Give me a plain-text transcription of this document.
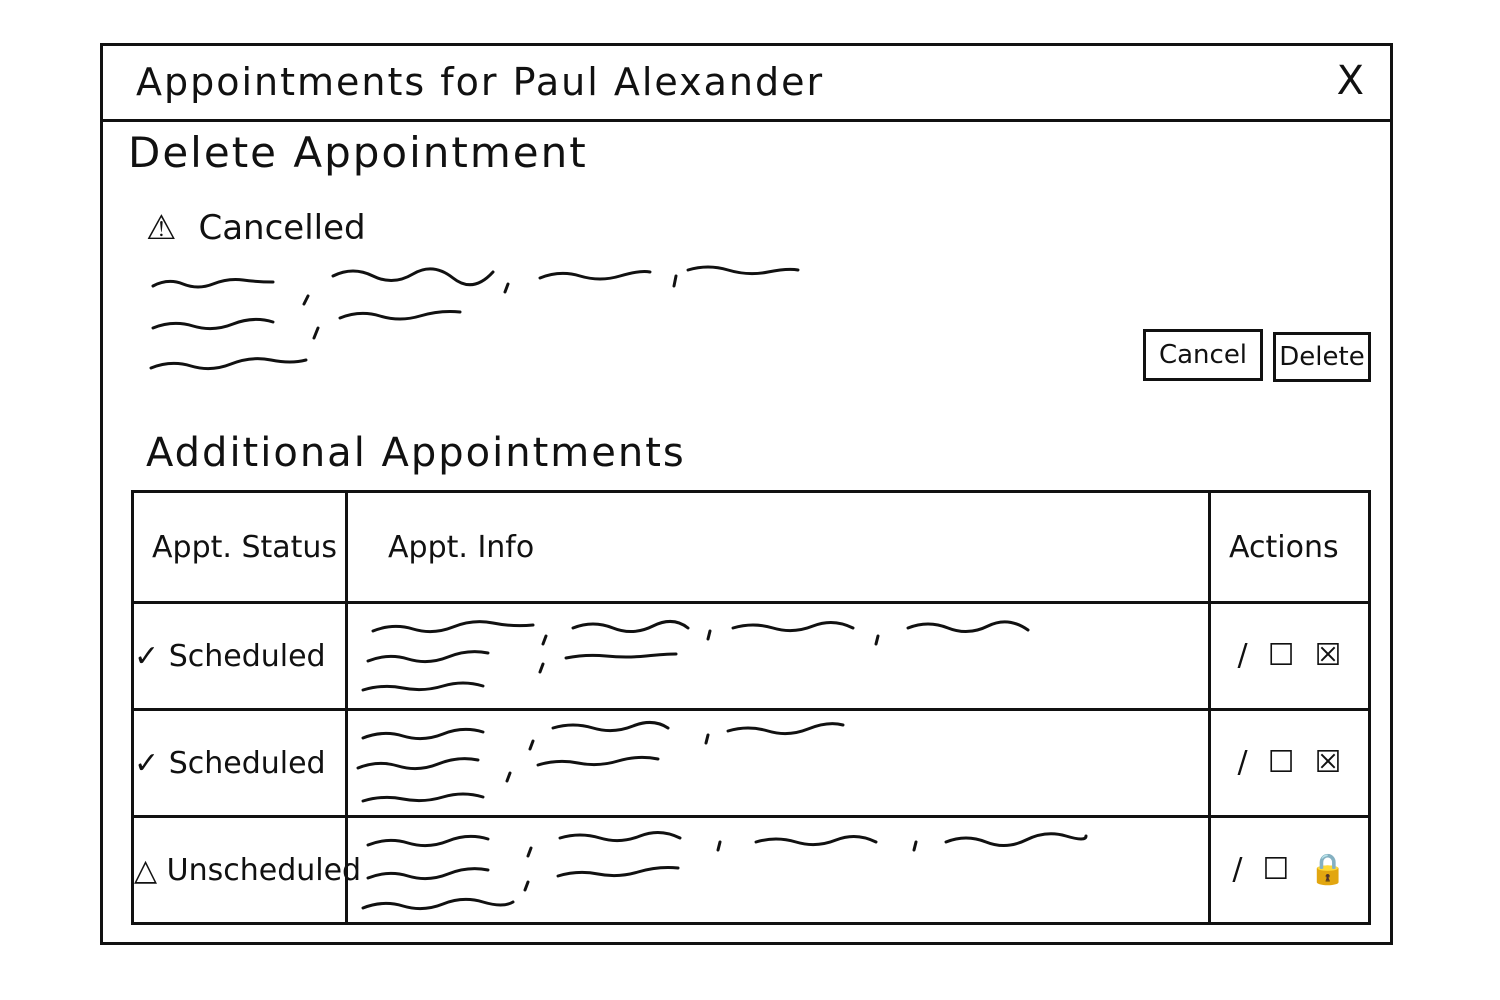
Appointments for Paul Alexander	X
Delete Appointment
⚠ Cancelled
Cancel	Delete
Additional Appointments
Appt. Status	Appt. Info	Actions
✓ Scheduled		/ ☐ ☒

✓ Scheduled		/ ☐ ☒

△ Unscheduled		/ ☐ 🔒
